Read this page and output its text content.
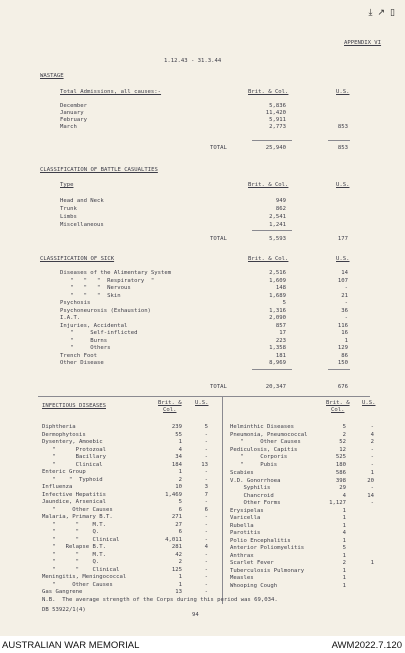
⤓ ↗ ▯
APPENDIX VI
1.12.43 - 31.3.44
WASTAGE
Total Admissions, all causes:-	Brit. & Col.	U.S.
December	5,836
January	11,420
February	5,911
March	2,773	853
TOTAL	25,940	853
CLASSIFICATION OF BATTLE CASUALTIES
Type	Brit. & Col.	U.S.
Head and Neck	949
Trunk	862
Limbs	2,541
Miscellaneous	1,241
TOTAL	5,593	177
CLASSIFICATION OF SICK	Brit. & Col.	U.S.
Diseases of the Alimentary System	2,516	14
"   "   "  Respiratory  "	1,609	107
"   "   "  Nervous	148	-
"   "   "  Skin	1,689	21
Psychosis	5	-
Psychoneurosis (Exhaustion)	1,316	36
I.A.T.	2,090	-
Injuries, Accidental	857	116
"     Self-inflicted	17	16
"     Burns	223	1
"     Others	1,358	129
Trench Foot	181	86
Other Disease	8,969	150
TOTAL	20,347	676
INFECTIOUS DISEASES	Brit. &
Col.
U.S.	Brit. &
Col.
U.S.
Diphtheria	239	5
Dermophytosis	55	-
Dysentery, Amoebic	1	-
"      Protozoal	4	-
"      Bacillary	34	-
"      Clinical	184	13
Enteric Group	1	-
"    "  Typhoid	2	-
Influenza	10	3
Infective Hepatitis	1,469	7
Jaundice, Arsenical	5	-
"     Other Causes	6	6
Malaria, Primary B.T.	271	-
"      "    M.T.	27	-
"      "    Q.	6	-
"      "    Clinical	4,011	-
"   Relapse B.T.	281	4
"      "    M.T.	42	-
"      "    Q.	2	-
"      "    Clinical	125	-
Meningitis, Meningococcal	1	-
"     Other Causes	1	-
Gas Gangrene	13	-
Helminthic Diseases	5	-
Pneumonia, Pneumococcal	2	4
"     Other Causes	52	2
Pediculosis, Capitis	12	-
"     Corporis	525	-
"     Pubis	180	-
Scabies	586	1
V.D. Gonorrhoea	398	20
Syphilis	29	-
Chancroid	4	14
Other Forms	1,127	-
Erysipelas	1
Varicella	1
Rubella	1
Parotitis	4
Polio Encephalitis	1
Anterior Poliomyelitis	5
Anthrax	1
Scarlet Fever	2	1
Tuberculosis Pulmonary	1
Measles	1
Whooping Cough	1
N.B.  The average strength of the Corps during this period was 69,034.
DB 53922/1(4)
94
AUSTRALIAN WAR MEMORIAL	AWM2022.7.120
